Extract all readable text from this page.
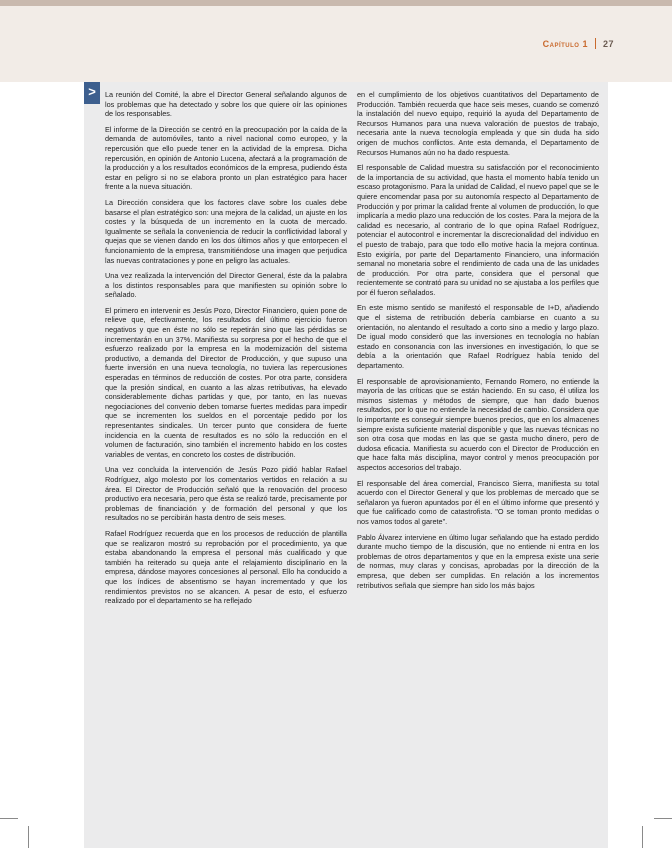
Capítulo 1 27
>	La reunión del Comité, la abre el Director General señalando algunos de los problemas que ha detectado y sobre los que quiere oír las opiniones de los responsables.

El informe de la Dirección se centró en la preocupación por la caída de la demanda de automóviles, tanto a nivel nacional como europeo, y la repercusión que ello puede tener en la actividad de la empresa. Dicha repercusión, en opinión de Antonio Lucena, afectará a la programación de la producción y a los resultados económicos de la empresa, pudiendo ésta estar en peligro si no se elabora pronto un plan estratégico para hacer frente a la nueva situación.

La Dirección considera que los factores clave sobre los cuales debe basarse el plan estratégico son: una mejora de la calidad, un ajuste en los costes y la búsqueda de un incremento en la cuota de mercado. Igualmente se señala la conveniencia de reducir la conflictividad laboral y quejas que se vienen dando en los dos últimos años y que entorpecen el funcionamiento de la empresa, transmitiéndose una imagen que perjudica las nuevas contrataciones y pone en peligro las actuales.

Una vez realizada la intervención del Director General, éste da la palabra a los distintos responsables para que manifiesten su opinión sobre lo señalado.

El primero en intervenir es Jesús Pozo, Director Financiero, quien pone de relieve que, efectivamente, los resultados del último ejercicio fueron negativos y que en éste no sólo se repetirán sino que las pérdidas se incrementarán en un 37%. Manifiesta su sorpresa por el hecho de que el esfuerzo realizado por la empresa en la modernización del sistema productivo, a demanda del Director de Producción, y que supuso una fuerte inversión en una nueva tecnología, no tuviera las repercusiones esperadas en términos de reducción de costes. Por otra parte, considera que la presión sindical, en cuanto a las alzas retributivas, ha elevado considerablemente dichas partidas y que, por tanto, en las nuevas negociaciones del convenio deben tomarse fuertes medidas para impedir que se incrementen los sueldos en el porcentaje pedido por los representantes sindicales. Un tercer punto que considera de fuerte incidencia en la cuenta de resultados es no sólo la reducción en el volumen de facturación, sino también el incremento habido en los costes variables de ventas, en concreto los costes de distribución.

Una vez concluida la intervención de Jesús Pozo pidió hablar Rafael Rodríguez, algo molesto por los comentarios vertidos en relación a su área. El Director de Producción señaló que la renovación del proceso productivo era necesaria, pero que ésta se realizó tarde, precisamente por problemas de financiación y de formación del personal y que los resultados no se percibirán hasta dentro de seis meses.

Rafael Rodríguez recuerda que en los procesos de reducción de plantilla que se realizaron mostró su reprobación por el procedimiento, ya que estaba abandonando la empresa el personal más cualificado y que también ha reiterado su queja ante el relajamiento disciplinario en la empresa, dándose mayores concesiones al personal. Ello ha conducido a que los índices de absentismo se hayan incrementado y que los rendimientos previstos no se alcancen. A pesar de esto, el esfuerzo realizado por el departamento se ha reflejado

en el cumplimiento de los objetivos cuantitativos del Departamento de Producción. También recuerda que hace seis meses, cuando se comenzó la instalación del nuevo equipo, requirió la ayuda del Departamento de Recursos Humanos para una nueva valoración de puestos de trabajo, necesaria ante la nueva tecnología empleada y que sin duda ha sido origen de muchos conflictos. Ante esta demanda, el Departamento de Recursos Humanos aún no ha dado respuesta.

El responsable de Calidad muestra su satisfacción por el reconocimiento de la importancia de su actividad, que hasta el momento había tenido un escaso protagonismo. Para la unidad de Calidad, el nuevo papel que se le quiere encomendar pasa por su autonomía respecto al Departamento de Producción y por primar la calidad frente al volumen de producción, lo que implicaría a medio plazo una reducción de los costes. Para la mejora de la calidad es necesario, al contrario de lo que opina Rafael Rodríguez, potenciar el autocontrol e incrementar la discrecionalidad del individuo en el puesto de trabajo, para que todo ello motive hacia la mejora continua. Esto exigiría, por parte del Departamento Financiero, una información semanal no monetaria sobre el rendimiento de cada una de las unidades de producción. Por otra parte, considera que el personal que recientemente se contrató para su unidad no se ajustaba a los perfiles que por él fueron señalados.

En este mismo sentido se manifestó el responsable de I+D, añadiendo que el sistema de retribución debería cambiarse en cuanto a su orientación, no alentando el resultado a corto sino a medio y largo plazo. De igual modo consideró que las inversiones en tecnología no habían estado en consonancia con las inversiones en investigación, lo que se debía a la orientación que Rafael Rodríguez había tenido del departamento.

El responsable de aprovisionamiento, Fernando Romero, no entiende la mayoría de las críticas que se están haciendo. En su caso, él utiliza los mismos sistemas y métodos de siempre, que han dado buenos resultados, por lo que no entiende la necesidad de cambio. Considera que lo importante es conseguir siempre buenos precios, que en los almacenes siempre exista suficiente material disponible y que las nuevas técnicas no son otra cosa que modas en las que se gasta mucho dinero, pero de dudosa eficacia. Manifiesta su acuerdo con el Director de Producción en que hace falta más disciplina, mayor control y menos preocupación por aspectos accesorios del trabajo.

El responsable del área comercial, Francisco Sierra, manifiesta su total acuerdo con el Director General y que los problemas de mercado que se señalaron ya fueron apuntados por él en el último informe que presentó y que fue calificado como de catastrofista. "O se toman pronto medidas o nos vamos todos al garete".

Pablo Álvarez interviene en último lugar señalando que ha estado perdido durante mucho tiempo de la discusión, que no entiende ni entra en los problemas de otros departamentos y que en la empresa existe una serie de normas, muy claras y concisas, aprobadas por la dirección de la empresa, que deben ser cumplidas. En relación a los incrementos retributivos señala que siempre han sido los más bajos
